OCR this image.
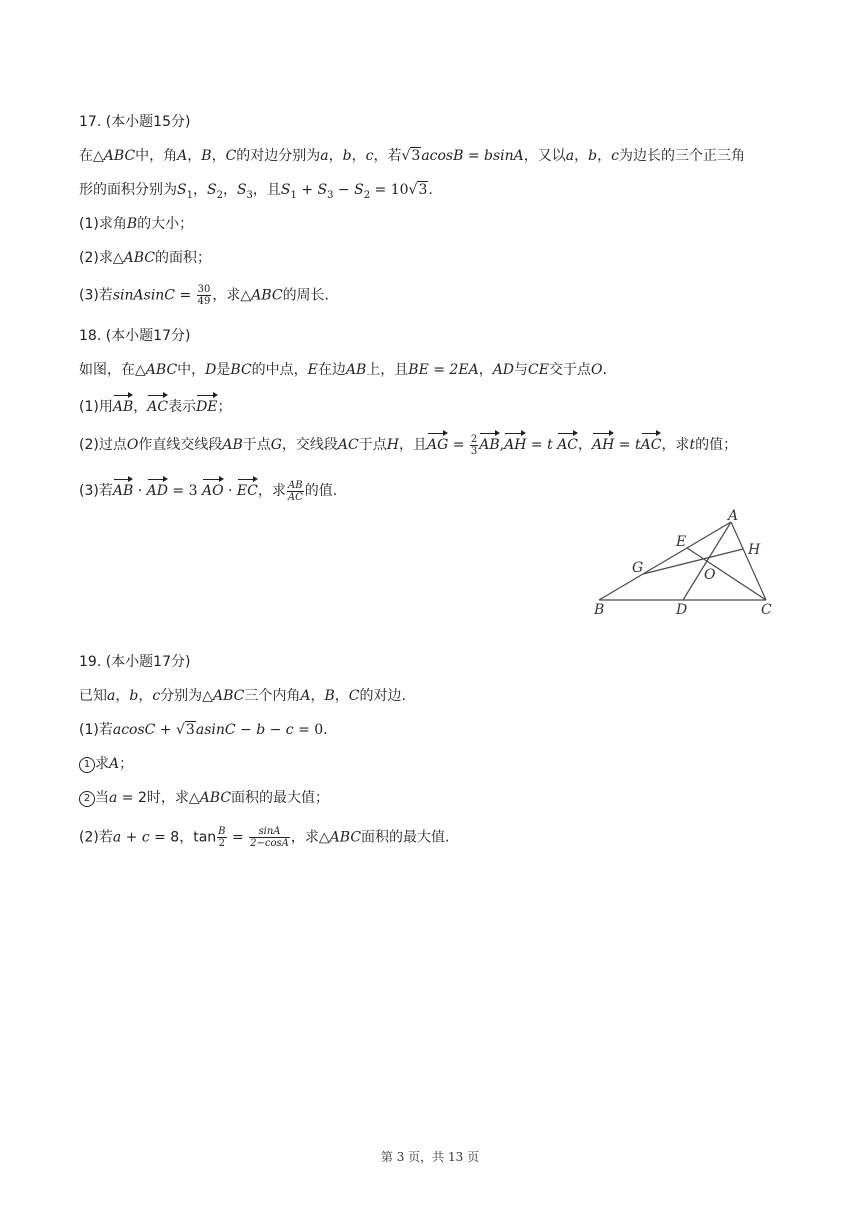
17. (本小题15分)
在△ABC中，角A，B，C的对边分别为a，b，c，若√3acosB = bsinA，又以a，b，c为边长的三个正三角
形的面积分别为$S_1$，$S_2$，$S_3$，且$S_1 + S_3 - S_2 = 10√3$.
(1)求角B的大小；
(2)求△ABC的面积；
(3)若sinAsinC = $\frac{30}{49}$ ，求△ABC的周长.
18. (本小题17分)
如图，在△ABC中，D是BC的中点，E在边AB上，且BE = 2EA，AD与CE交于点O.
(1)用AB，AC表示DE；
(2)过点O作直线交线段AB于点G，交线段AC于点H，且AG = $\frac{2}{3} AB,AH = t$ AC，AH = tAC，求t的值；
(3)若AB · AD = 3 AO · EC，求 $\frac{AB}{AC}$ 的值.
A
B	C
D
E
G
H
O
19. (本小题17分)
已知a，b，c分别为△ABC三个内角A，B，C的对边.
(1)若acosC + √3asinC − b − c = 0.
1 求A；
2 当a = 2时，求△ABC面积的最大值；
(2)若a + c = 8，$\tan \frac{B}{2} = \frac{\sin A}{2-\cos A}$ ，求△ABC面积的最大值.
第 3 页，共 13 页
